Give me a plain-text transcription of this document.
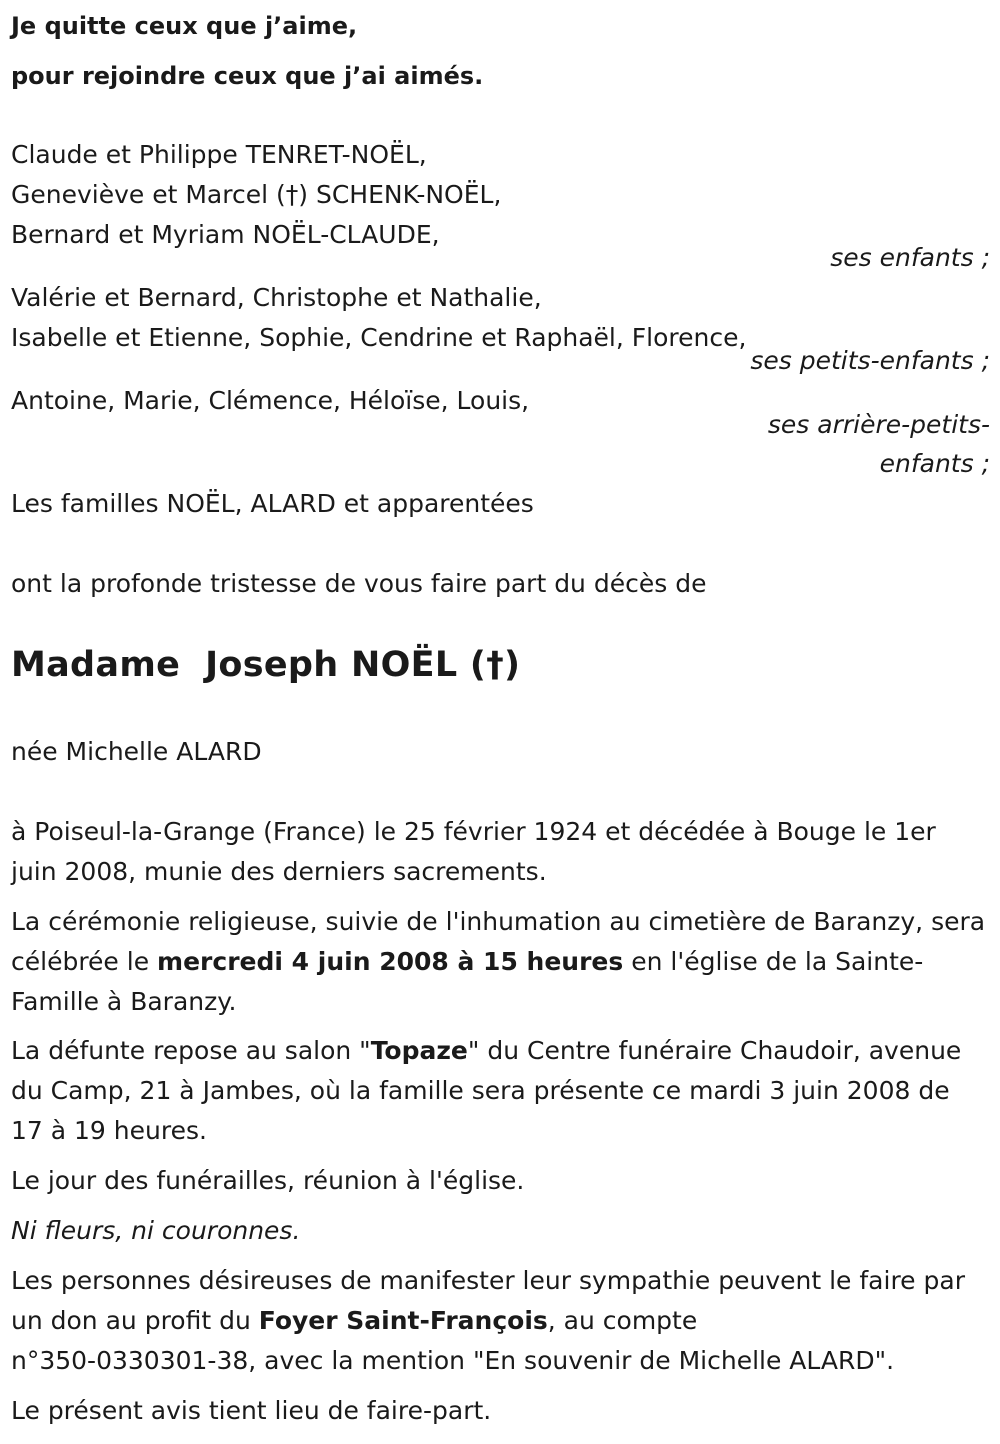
Je quitte ceux que j’aime,
pour rejoindre ceux que j’ai aimés.
Claude et Philippe TENRET-NOËL,
Geneviève et Marcel (†) SCHENK-NOËL,
Bernard et Myriam NOËL-CLAUDE,
ses enfants ;
Valérie et Bernard, Christophe et Nathalie,
Isabelle et Etienne, Sophie, Cendrine et Raphaël, Florence,
ses petits-enfants ;
Antoine, Marie, Clémence, Héloïse, Louis,
ses arrière-petits-
enfants ;
Les familles NOËL, ALARD et apparentées
ont la profonde tristesse de vous faire part du décès de
Madame  Joseph NOËL (†)
née Michelle ALARD
à Poiseul-la-Grange (France) le 25 février 1924 et décédée à Bouge le 1er juin 2008, munie des derniers sacrements.
La cérémonie religieuse, suivie de l'inhumation au cimetière de Baranzy, sera célébrée le mercredi 4 juin 2008 à 15 heures en l'église de la Sainte-Famille à Baranzy.
La défunte repose au salon "Topaze" du Centre funéraire Chaudoir, avenue du Camp, 21 à Jambes, où la famille sera présente ce mardi 3 juin 2008 de 17 à 19 heures.
Le jour des funérailles, réunion à l'église.
Ni fleurs, ni couronnes.
Les personnes désireuses de manifester leur sympathie peuvent le faire par un don au profit du Foyer Saint-François, au compte
n°350-0330301-38, avec la mention "En souvenir de Michelle ALARD".
Le présent avis tient lieu de faire-part.
